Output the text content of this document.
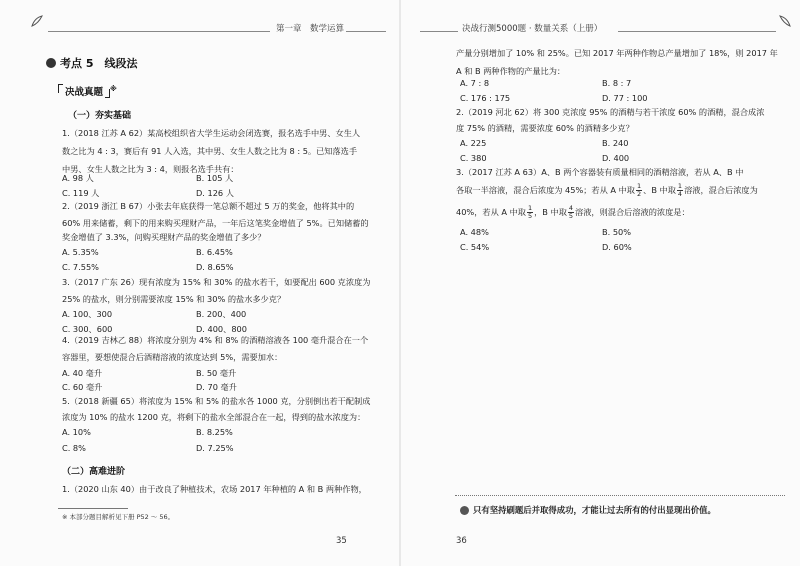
第一章　数学运算
考点 5　线段法
决战真题 ※
（一）夯实基础
1.（2018 江苏 A 62）某高校组织省大学生运动会闭选赛，报名选手中男、女生人
数之比为 4 : 3，赛后有 91 人入选，其中男、女生人数之比为 8 : 5。已知落选手
中男、女生人数之比为 3 : 4，则报名选手共有：
A. 98 人	B. 105 人
C. 119 人	D. 126 人
2.（2019 浙江 B 67）小张去年底获得一笔总额不超过 5 万的奖金，他将其中的
60% 用来储蓄，剩下的用来购买理财产品，一年后这笔奖金增值了 5%。已知储蓄的
奖金增值了 3.3%，问购买理财产品的奖金增值了多少？
A. 5.35%	B. 6.45%
C. 7.55%	D. 8.65%
3.（2017 广东 26）现有浓度为 15% 和 30% 的盐水若干，如要配出 600 克浓度为
25% 的盐水，则分别需要浓度 15% 和 30% 的盐水多少克？
A. 100、300	B. 200、400
C. 300、600	D. 400、800
4.（2019 吉林乙 88）将浓度分别为 4% 和 8% 的酒精溶液各 100 毫升混合在一个
容器里，要想使混合后酒精溶液的浓度达到 5%，需要加水：
A. 40 毫升	B. 50 毫升
C. 60 毫升	D. 70 毫升
5.（2018 新疆 65）将浓度为 15% 和 5% 的盐水各 1000 克，分别倒出若干配制成
浓度为 10% 的盐水 1200 克，将剩下的盐水全部混合在一起，得到的盐水浓度为：
A. 10%	B. 8.25%
C. 8%	D. 7.25%
（二）高难进阶
1.（2020 山东 40）由于改良了种植技术，农场 2017 年种植的 A 和 B 两种作物，
※ 本部分题目解析见下册 P52 ～ 56。
35
决战行测5000题 · 数量关系（上册）
产量分别增加了 10% 和 25%。已知 2017 年两种作物总产量增加了 18%，则 2017 年
A 和 B 两种作物的产量比为：
A. 7 : 8	B. 8 : 7
C. 176 : 175	D. 77 : 100
2.（2019 河北 62）将 300 克浓度 95% 的酒精与若干浓度 60% 的酒精，混合成浓
度 75% 的酒精，需要浓度 60% 的酒精多少克？
A. 225	B. 240
C. 380	D. 400
3.（2017 江苏 A 63）A、B 两个容器装有质量相同的酒精溶液，若从 A、B 中
各取一半溶液，混合后浓度为 45%；若从 A 中取 $\frac{1}{2}$ 、B 中取 $\frac{1}{4}$ 溶液，混合后浓度为
40%，若从 A 中取 $\frac{1}{5}$ ，B 中取 $\frac{4}{5}$ 溶液，则混合后溶液的浓度是：
A. 48%	B. 50%
C. 54%	D. 60%
36
只有坚持刷题后并取得成功，才能让过去所有的付出显现出价值。
